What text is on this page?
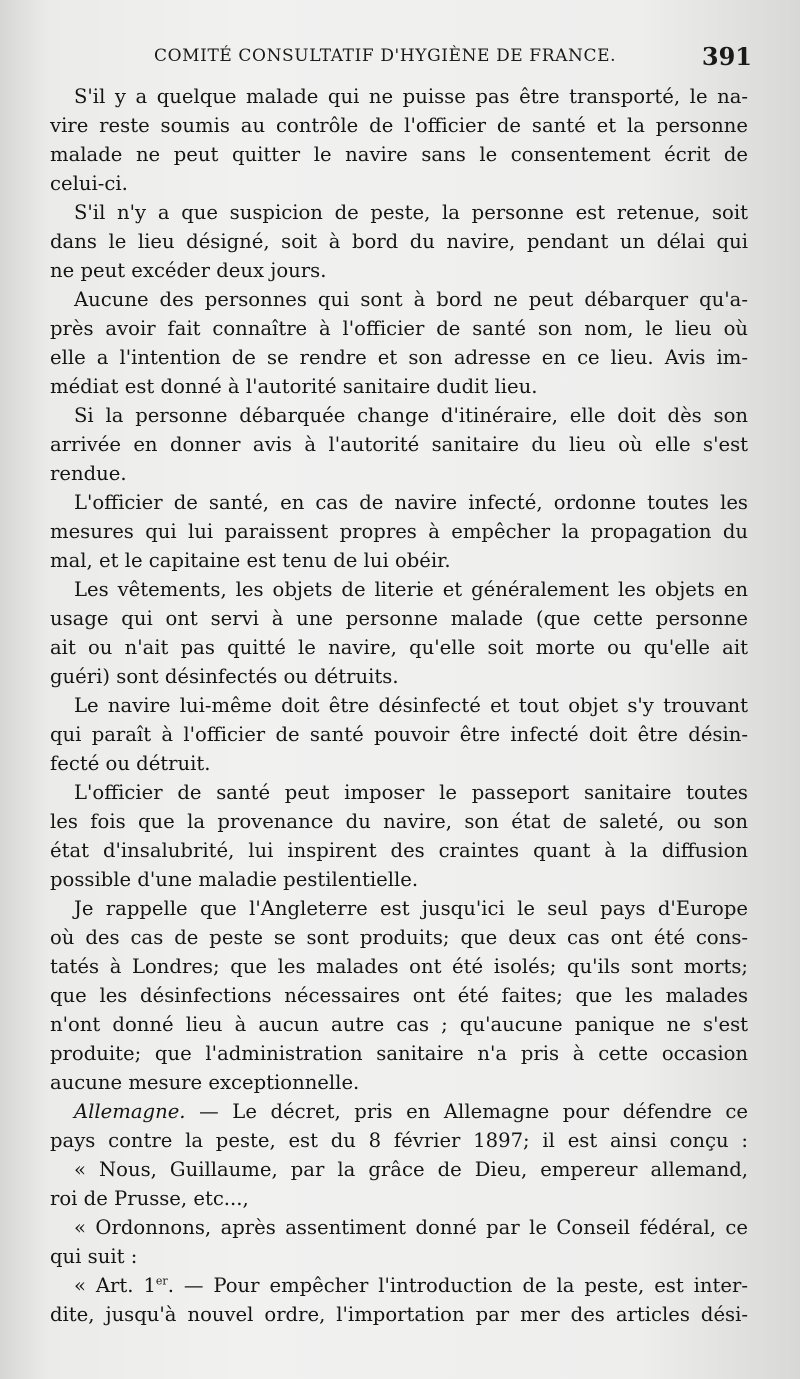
COMITÉ CONSULTATIF D'HYGIÈNE DE FRANCE.	391
S'il y a quelque malade qui ne puisse pas être transporté, le na-
vire reste soumis au contrôle de l'officier de santé et la personne
malade ne peut quitter le navire sans le consentement écrit de
celui-ci.
S'il n'y a que suspicion de peste, la personne est retenue, soit
dans le lieu désigné, soit à bord du navire, pendant un délai qui
ne peut excéder deux jours.
Aucune des personnes qui sont à bord ne peut débarquer qu'a-
près avoir fait connaître à l'officier de santé son nom, le lieu où
elle a l'intention de se rendre et son adresse en ce lieu. Avis im-
médiat est donné à l'autorité sanitaire dudit lieu.
Si la personne débarquée change d'itinéraire, elle doit dès son
arrivée en donner avis à l'autorité sanitaire du lieu où elle s'est
rendue.
L'officier de santé, en cas de navire infecté, ordonne toutes les
mesures qui lui paraissent propres à empêcher la propagation du
mal, et le capitaine est tenu de lui obéir.
Les vêtements, les objets de literie et généralement les objets en
usage qui ont servi à une personne malade (que cette personne
ait ou n'ait pas quitté le navire, qu'elle soit morte ou qu'elle ait
guéri) sont désinfectés ou détruits.
Le navire lui-même doit être désinfecté et tout objet s'y trouvant
qui paraît à l'officier de santé pouvoir être infecté doit être désin-
fecté ou détruit.
L'officier de santé peut imposer le passeport sanitaire toutes
les fois que la provenance du navire, son état de saleté, ou son
état d'insalubrité, lui inspirent des craintes quant à la diffusion
possible d'une maladie pestilentielle.
Je rappelle que l'Angleterre est jusqu'ici le seul pays d'Europe
où des cas de peste se sont produits; que deux cas ont été cons-
tatés à Londres; que les malades ont été isolés; qu'ils sont morts;
que les désinfections nécessaires ont été faites; que les malades
n'ont donné lieu à aucun autre cas ; qu'aucune panique ne s'est
produite; que l'administration sanitaire n'a pris à cette occasion
aucune mesure exceptionnelle.
Allemagne. — Le décret, pris en Allemagne pour défendre ce
pays contre la peste, est du 8 février 1897; il est ainsi conçu :
« Nous, Guillaume, par la grâce de Dieu, empereur allemand,
roi de Prusse, etc...,
« Ordonnons, après assentiment donné par le Conseil fédéral, ce
qui suit :
« Art. 1er. — Pour empêcher l'introduction de la peste, est inter-
dite, jusqu'à nouvel ordre, l'importation par mer des articles dési-
